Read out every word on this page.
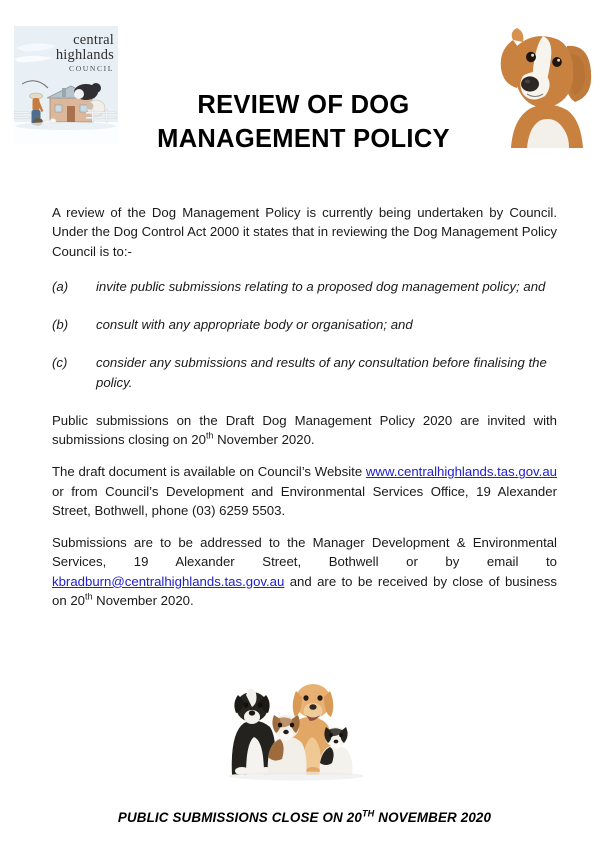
central
highlands
COUNCIL
REVIEW OF DOG
MANAGEMENT POLICY

A review of the Dog Management Policy is currently being undertaken by Council. Under the Dog Control Act 2000 it states that in reviewing the Dog Management Policy Council is to:-

(a)	invite public submissions relating to a proposed dog management policy; and
(b)	consult with any appropriate body or organisation; and
(c)	consider any submissions and results of any consultation before finalising the policy.

Public submissions on the Draft Dog Management Policy 2020 are invited with submissions closing on 20th November 2020.

The draft document is available on Council’s Website www.centralhighlands.tas.gov.au or from Council’s Development and Environmental Services Office, 19 Alexander Street, Bothwell, phone (03) 6259 5503.

Submissions are to be addressed to the Manager Development & Environmental Services, 19 Alexander Street, Bothwell or by email to kbradburn@centralhighlands.tas.gov.au and are to be received by close of business on 20th November 2020.

PUBLIC SUBMISSIONS CLOSE ON 20TH NOVEMBER 2020
